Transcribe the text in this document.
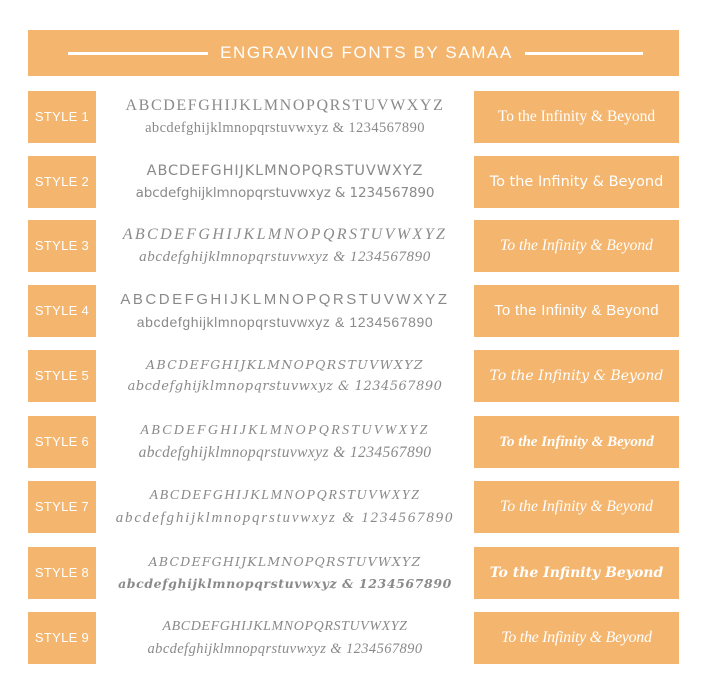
ENGRAVING FONTS BY SAMAA
STYLE 1
ABCDEFGHIJKLMNOPQRSTUVWXYZ
abcdefghijklmnopqrstuvwxyz & 1234567890
To the Infinity & Beyond
STYLE 2
ABCDEFGHIJKLMNOPQRSTUVWXYZ
abcdefghijklmnopqrstuvwxyz & 1234567890
To the Infinity & Beyond
STYLE 3
ABCDEFGHIJKLMNOPQRSTUVWXYZ
abcdefghijklmnopqrstuvwxyz & 1234567890
To the Infinity & Beyond
STYLE 4
ABCDEFGHIJKLMNOPQRSTUVWXYZ
abcdefghijklmnopqrstuvwxyz & 1234567890
To the Infinity & Beyond
STYLE 5
ABCDEFGHIJKLMNOPQRSTUVWXYZ
abcdefghijklmnopqrstuvwxyz & 1234567890
To the Infinity & Beyond
STYLE 6
ABCDEFGHIJKLMNOPQRSTUVWXYZ
abcdefghijklmnopqrstuvwxyz & 1234567890
To the Infinity & Beyond
STYLE 7
ABCDEFGHIJKLMNOPQRSTUVWXYZ
abcdefghijklmnopqrstuvwxyz & 1234567890
To the Infinity & Beyond
STYLE 8
ABCDEFGHIJKLMNOPQRSTUVWXYZ
abcdefghijklmnopqrstuvwxyz & 1234567890
To the Infinity Beyond
STYLE 9
ABCDEFGHIJKLMNOPQRSTUVWXYZ
abcdefghijklmnopqrstuvwxyz & 1234567890
To the Infinity & Beyond
